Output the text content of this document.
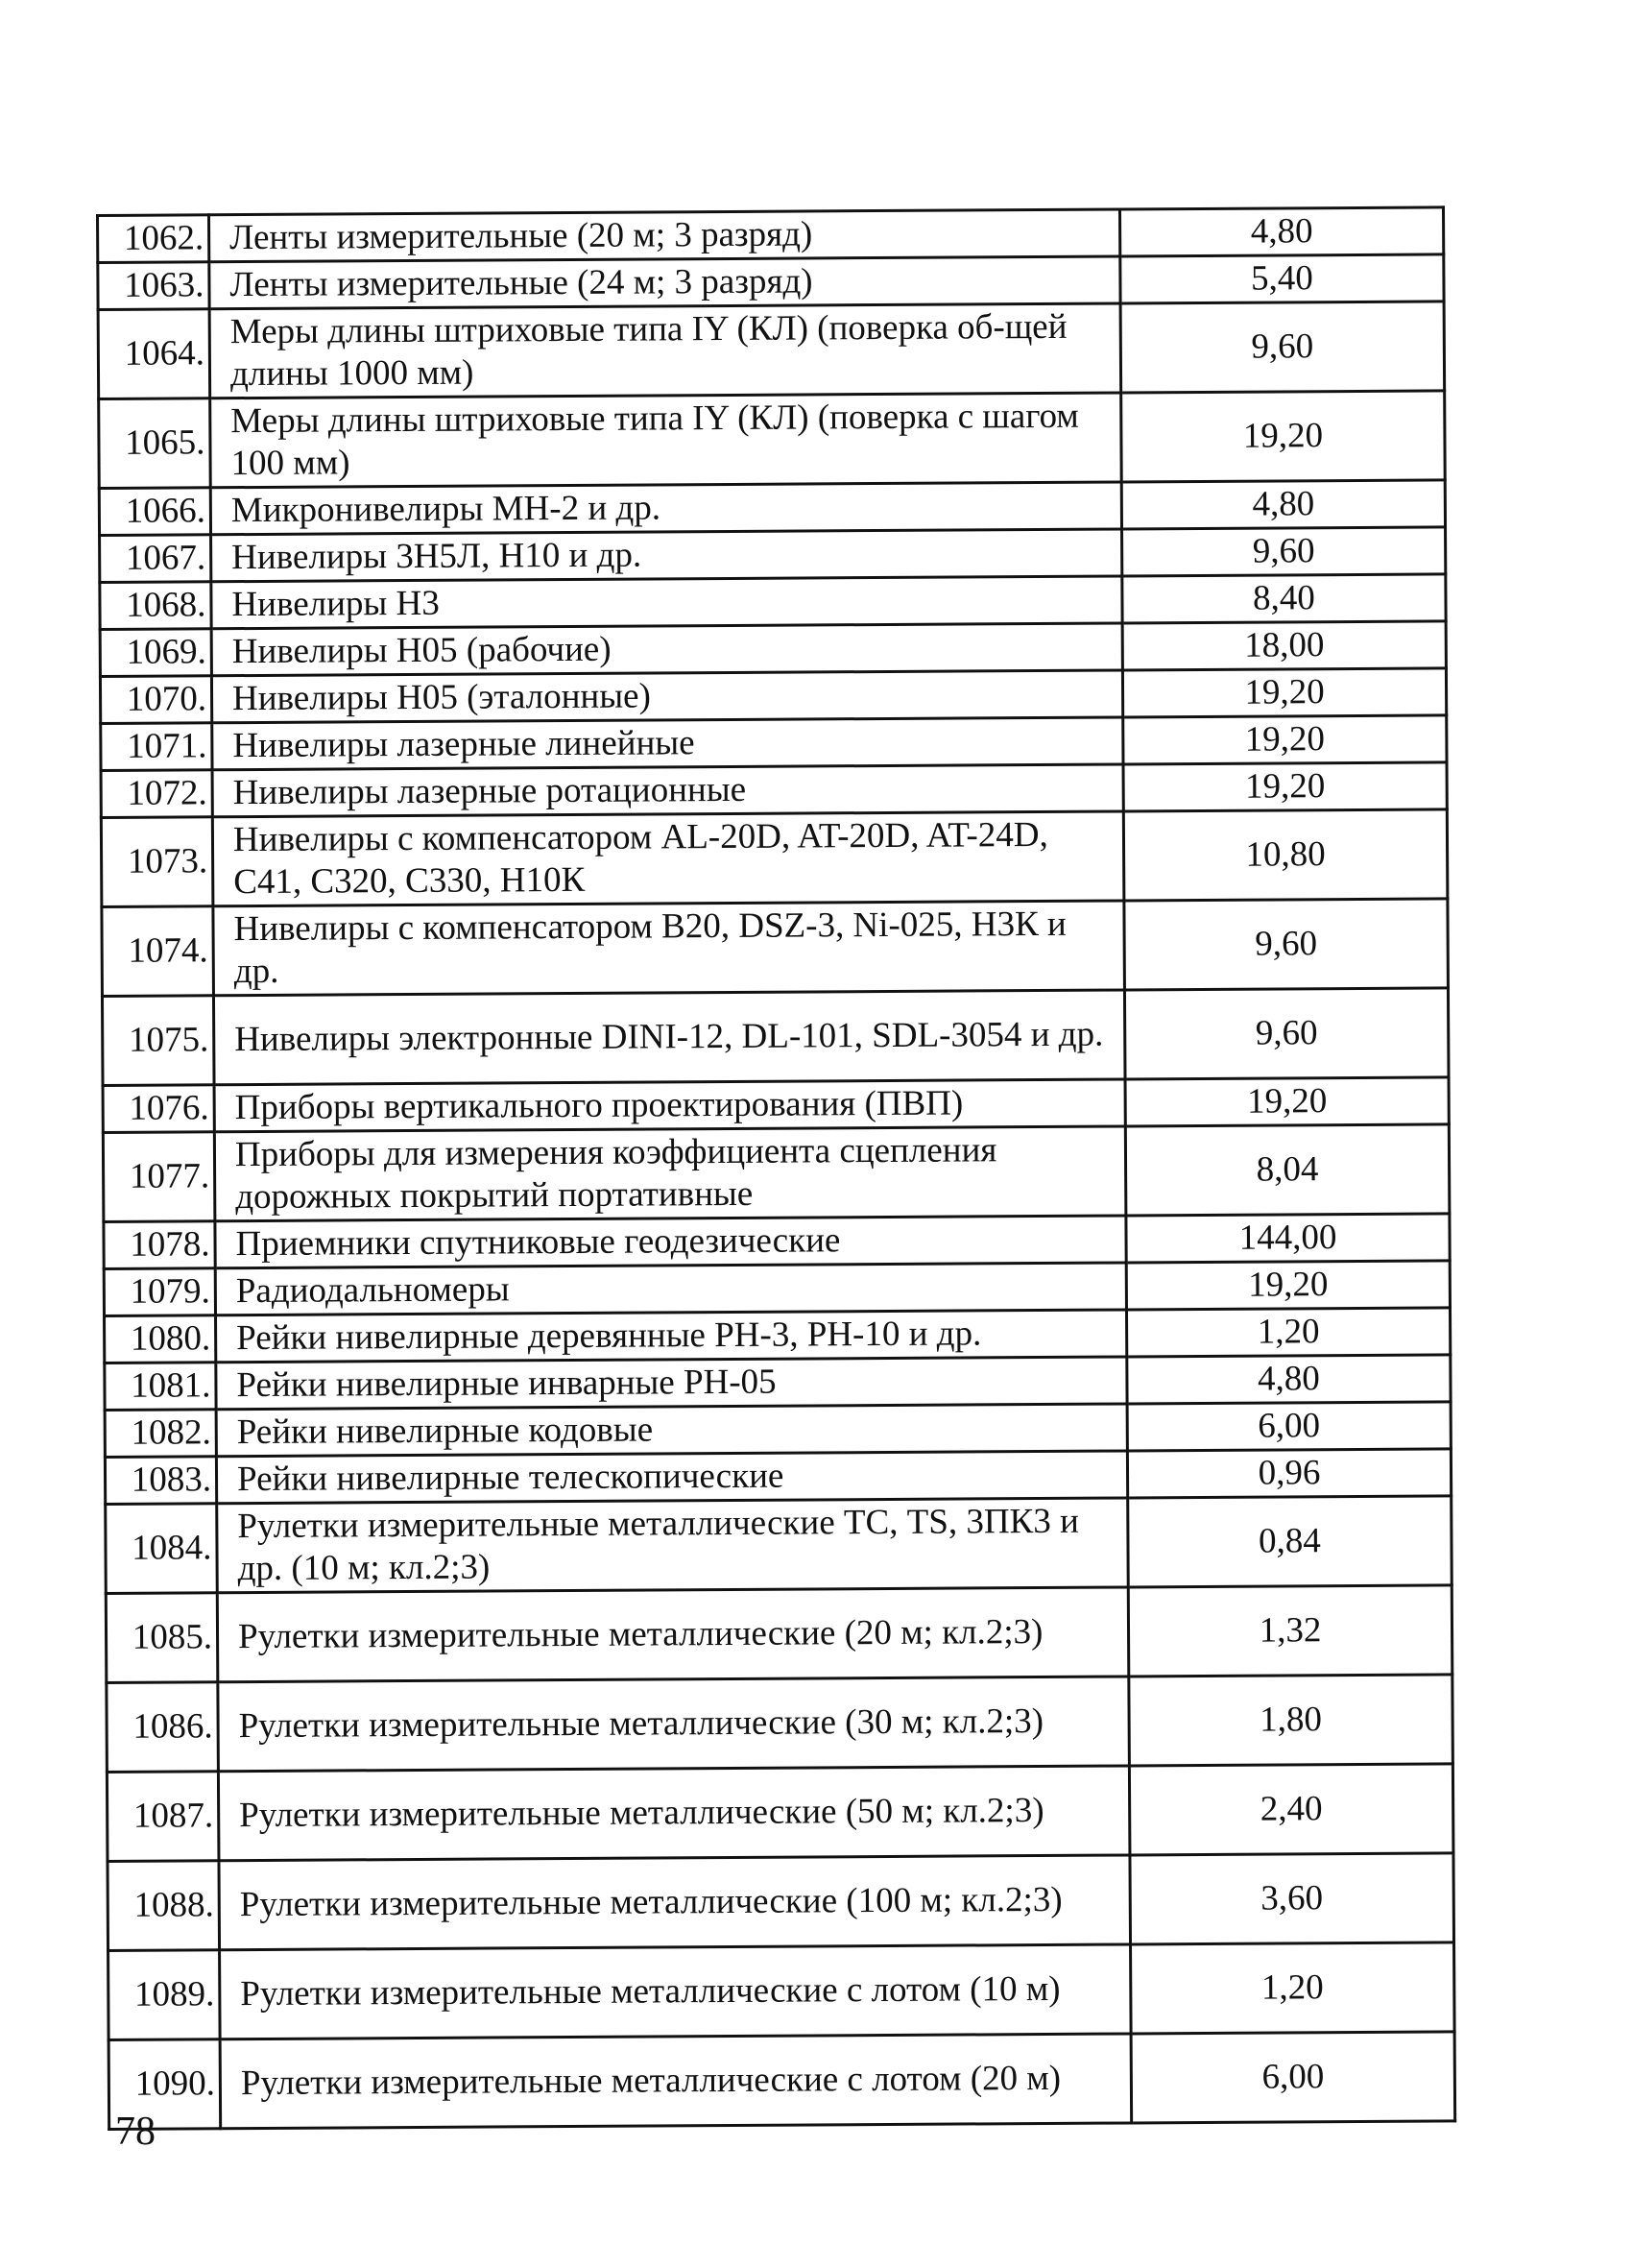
1062.	Ленты измерительные (20 м; 3 разряд)	4,80
1063.	Ленты измерительные (24 м; 3 разряд)	5,40
1064.	Меры длины штриховые типа IY (КЛ) (поверка об-щей длины 1000 мм)	9,60
1065.	Меры длины штриховые типа IY (КЛ) (поверка с шагом 100 мм)	19,20
1066.	Микронивелиры МН-2 и др.	4,80
1067.	Нивелиры 3Н5Л, Н10 и др.	9,60
1068.	Нивелиры Н3	8,40
1069.	Нивелиры Н05 (рабочие)	18,00
1070.	Нивелиры Н05 (эталонные)	19,20
1071.	Нивелиры лазерные линейные	19,20
1072.	Нивелиры лазерные ротационные	19,20
1073.	Нивелиры с компенсатором AL-20D, AT-20D, AT-24D, C41, C320, C330, Н10К	10,80
1074.	Нивелиры с компенсатором B20, DSZ-3, Ni-025, Н3К и др.	9,60
1075.	Нивелиры электронные DINI-12, DL-101, SDL-3054 и др.	9,60
1076.	Приборы вертикального проектирования (ПВП)	19,20
1077.	Приборы для измерения коэффициента сцепления дорожных покрытий портативные	8,04
1078.	Приемники спутниковые геодезические	144,00
1079.	Радиодальномеры	19,20
1080.	Рейки нивелирные деревянные РН-3, РН-10 и др.	1,20
1081.	Рейки нивелирные инварные РН-05	4,80
1082.	Рейки нивелирные кодовые	6,00
1083.	Рейки нивелирные телескопические	0,96
1084.	Рулетки измерительные металлические ТС, TS, 3ПК3 и др. (10 м; кл.2;3)	0,84
1085.	Рулетки измерительные металлические (20 м; кл.2;3)	1,32
1086.	Рулетки измерительные металлические (30 м; кл.2;3)	1,80
1087.	Рулетки измерительные металлические (50 м; кл.2;3)	2,40
1088.	Рулетки измерительные металлические (100 м; кл.2;3)	3,60
1089.	Рулетки измерительные металлические с лотом (10 м)	1,20
1090.	Рулетки измерительные металлические с лотом (20 м)	6,00
78
